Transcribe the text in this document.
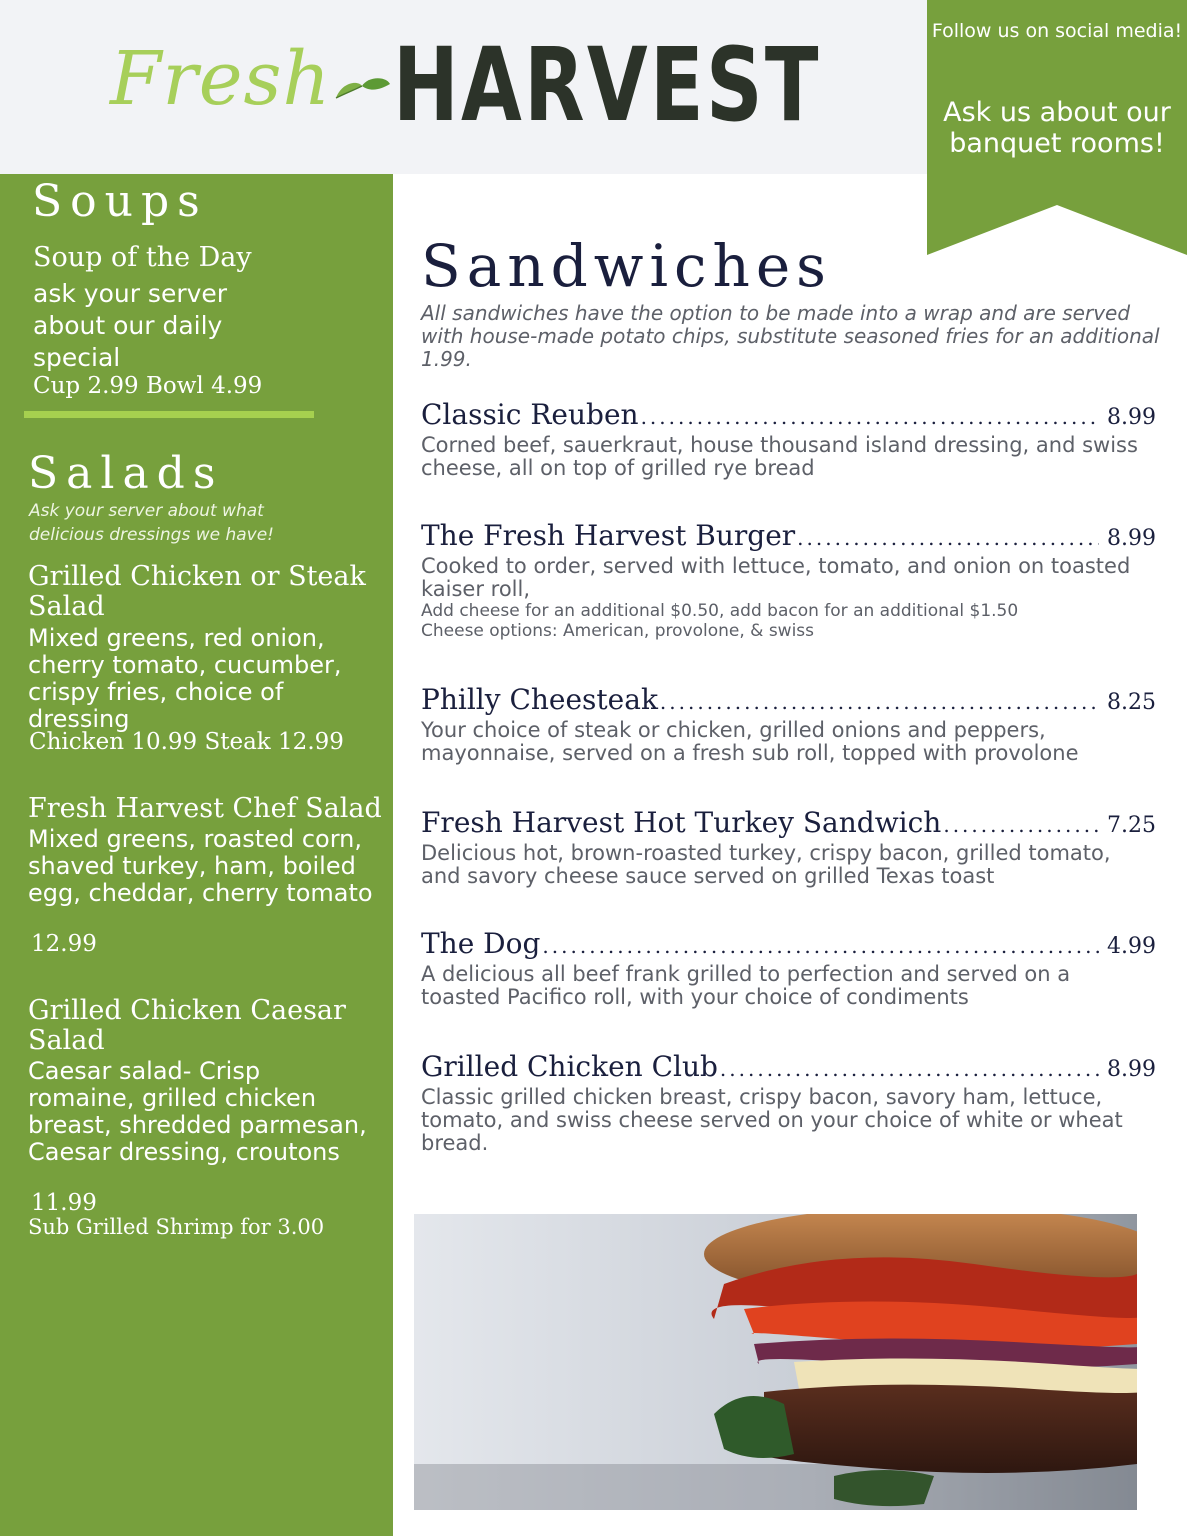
Fresh HARVEST	Follow us on social media!
Ask us about our banquet rooms!
Soups
Soup of the Day
ask your server about our daily special
Cup 2.99 Bowl 4.99
Salads
Ask your server about what delicious dressings we have!
Grilled Chicken or Steak Salad
Mixed greens, red onion, cherry tomato, cucumber, crispy fries, choice of dressing
Chicken 10.99 Steak 12.99
Fresh Harvest Chef Salad
Mixed greens, roasted corn, shaved turkey, ham, boiled egg, cheddar, cherry tomato
12.99
Grilled Chicken Caesar Salad
Caesar salad- Crisp romaine, grilled chicken breast, shredded parmesan, Caesar dressing, croutons
11.99
Sub Grilled Shrimp for 3.00
Sandwiches
All sandwiches have the option to be made into a wrap and are served with house-made potato chips, substitute seasoned fries for an additional 1.99.
Classic Reuben .....	8.99
Corned beef, sauerkraut, house thousand island dressing, and swiss cheese, all on top of grilled rye bread
The Fresh Harvest Burger .....	8.99
Cooked to order, served with lettuce, tomato, and onion on toasted kaiser roll,
Add cheese for an additional $0.50, add bacon for an additional $1.50
Cheese options: American, provolone, & swiss
Philly Cheesteak .....	8.25
Your choice of steak or chicken, grilled onions and peppers, mayonnaise, served on a fresh sub roll, topped with provolone
Fresh Harvest Hot Turkey Sandwich .....	7.25
Delicious hot, brown-roasted turkey, crispy bacon, grilled tomato, and savory cheese sauce served on grilled Texas toast
The Dog .....	4.99
A delicious all beef frank grilled to perfection and served on a toasted Pacifico roll, with your choice of condiments
Grilled Chicken Club .....	8.99
Classic grilled chicken breast, crispy bacon, savory ham, lettuce, tomato, and swiss cheese served on your choice of white or wheat bread.
